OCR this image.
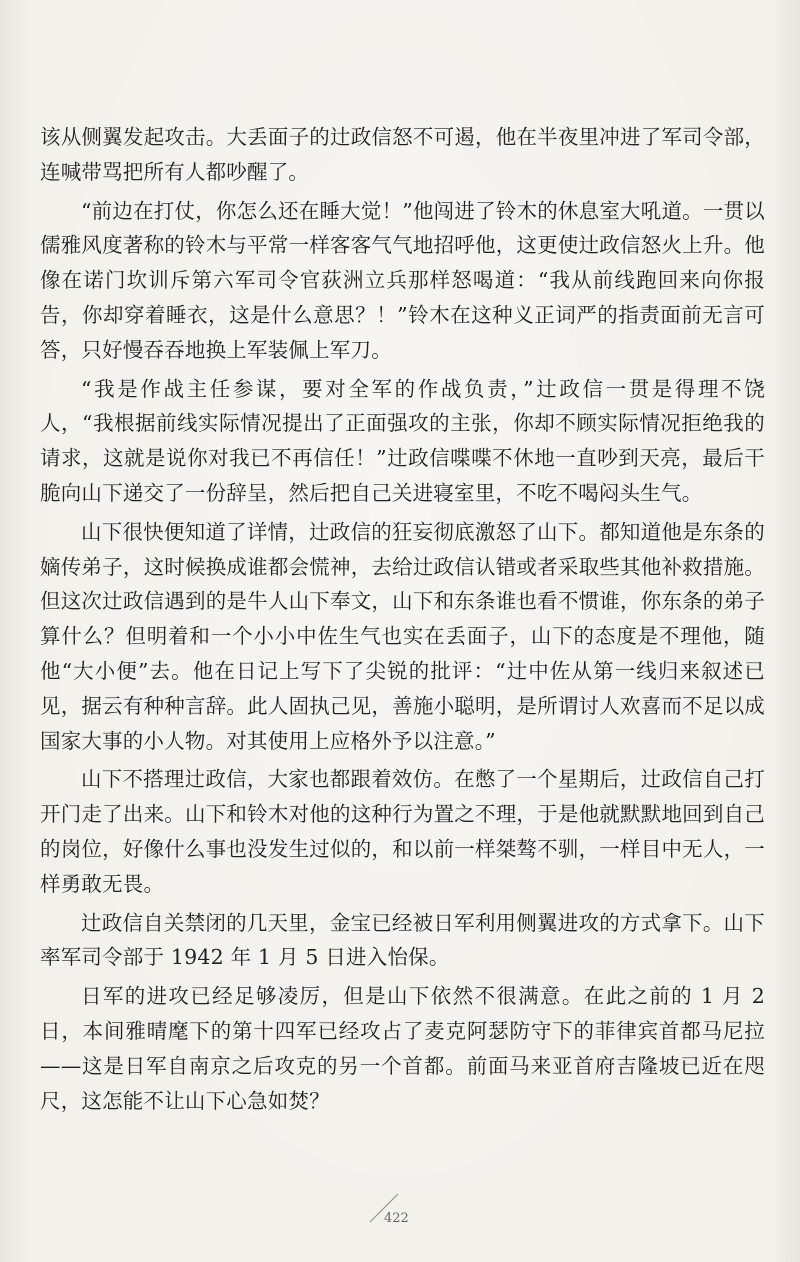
该从侧翼发起攻击。大丢面子的辻政信怒不可遏，他在半夜里冲进了军司令部，连喊带骂把所有人都吵醒了。

“前边在打仗，你怎么还在睡大觉！”他闯进了铃木的休息室大吼道。一贯以儒雅风度著称的铃木与平常一样客客气气地招呼他，这更使辻政信怒火上升。他像在诺门坎训斥第六军司令官荻洲立兵那样怒喝道：“我从前线跑回来向你报告，你却穿着睡衣，这是什么意思？！”铃木在这种义正词严的指责面前无言可答，只好慢吞吞地换上军装佩上军刀。

“我是作战主任参谋，要对全军的作战负责，”辻政信一贯是得理不饶人，“我根据前线实际情况提出了正面强攻的主张，你却不顾实际情况拒绝我的请求，这就是说你对我已不再信任！”辻政信喋喋不休地一直吵到天亮，最后干脆向山下递交了一份辞呈，然后把自己关进寝室里，不吃不喝闷头生气。

山下很快便知道了详情，辻政信的狂妄彻底激怒了山下。都知道他是东条的嫡传弟子，这时候换成谁都会慌神，去给辻政信认错或者采取些其他补救措施。但这次辻政信遇到的是牛人山下奉文，山下和东条谁也看不惯谁，你东条的弟子算什么？但明着和一个小小中佐生气也实在丢面子，山下的态度是不理他，随他“大小便”去。他在日记上写下了尖锐的批评：“辻中佐从第一线归来叙述已见，据云有种种言辞。此人固执己见，善施小聪明，是所谓讨人欢喜而不足以成国家大事的小人物。对其使用上应格外予以注意。”

山下不搭理辻政信，大家也都跟着效仿。在憋了一个星期后，辻政信自己打开门走了出来。山下和铃木对他的这种行为置之不理，于是他就默默地回到自己的岗位，好像什么事也没发生过似的，和以前一样桀骜不驯，一样目中无人，一样勇敢无畏。

辻政信自关禁闭的几天里，金宝已经被日军利用侧翼进攻的方式拿下。山下率军司令部于 1942 年 1 月 5 日进入怡保。

日军的进攻已经足够凌厉，但是山下依然不很满意。在此之前的 1 月 2 日，本间雅晴麾下的第十四军已经攻占了麦克阿瑟防守下的菲律宾首都马尼拉——这是日军自南京之后攻克的另一个首都。前面马来亚首府吉隆坡已近在咫尺，这怎能不让山下心急如焚？

422
